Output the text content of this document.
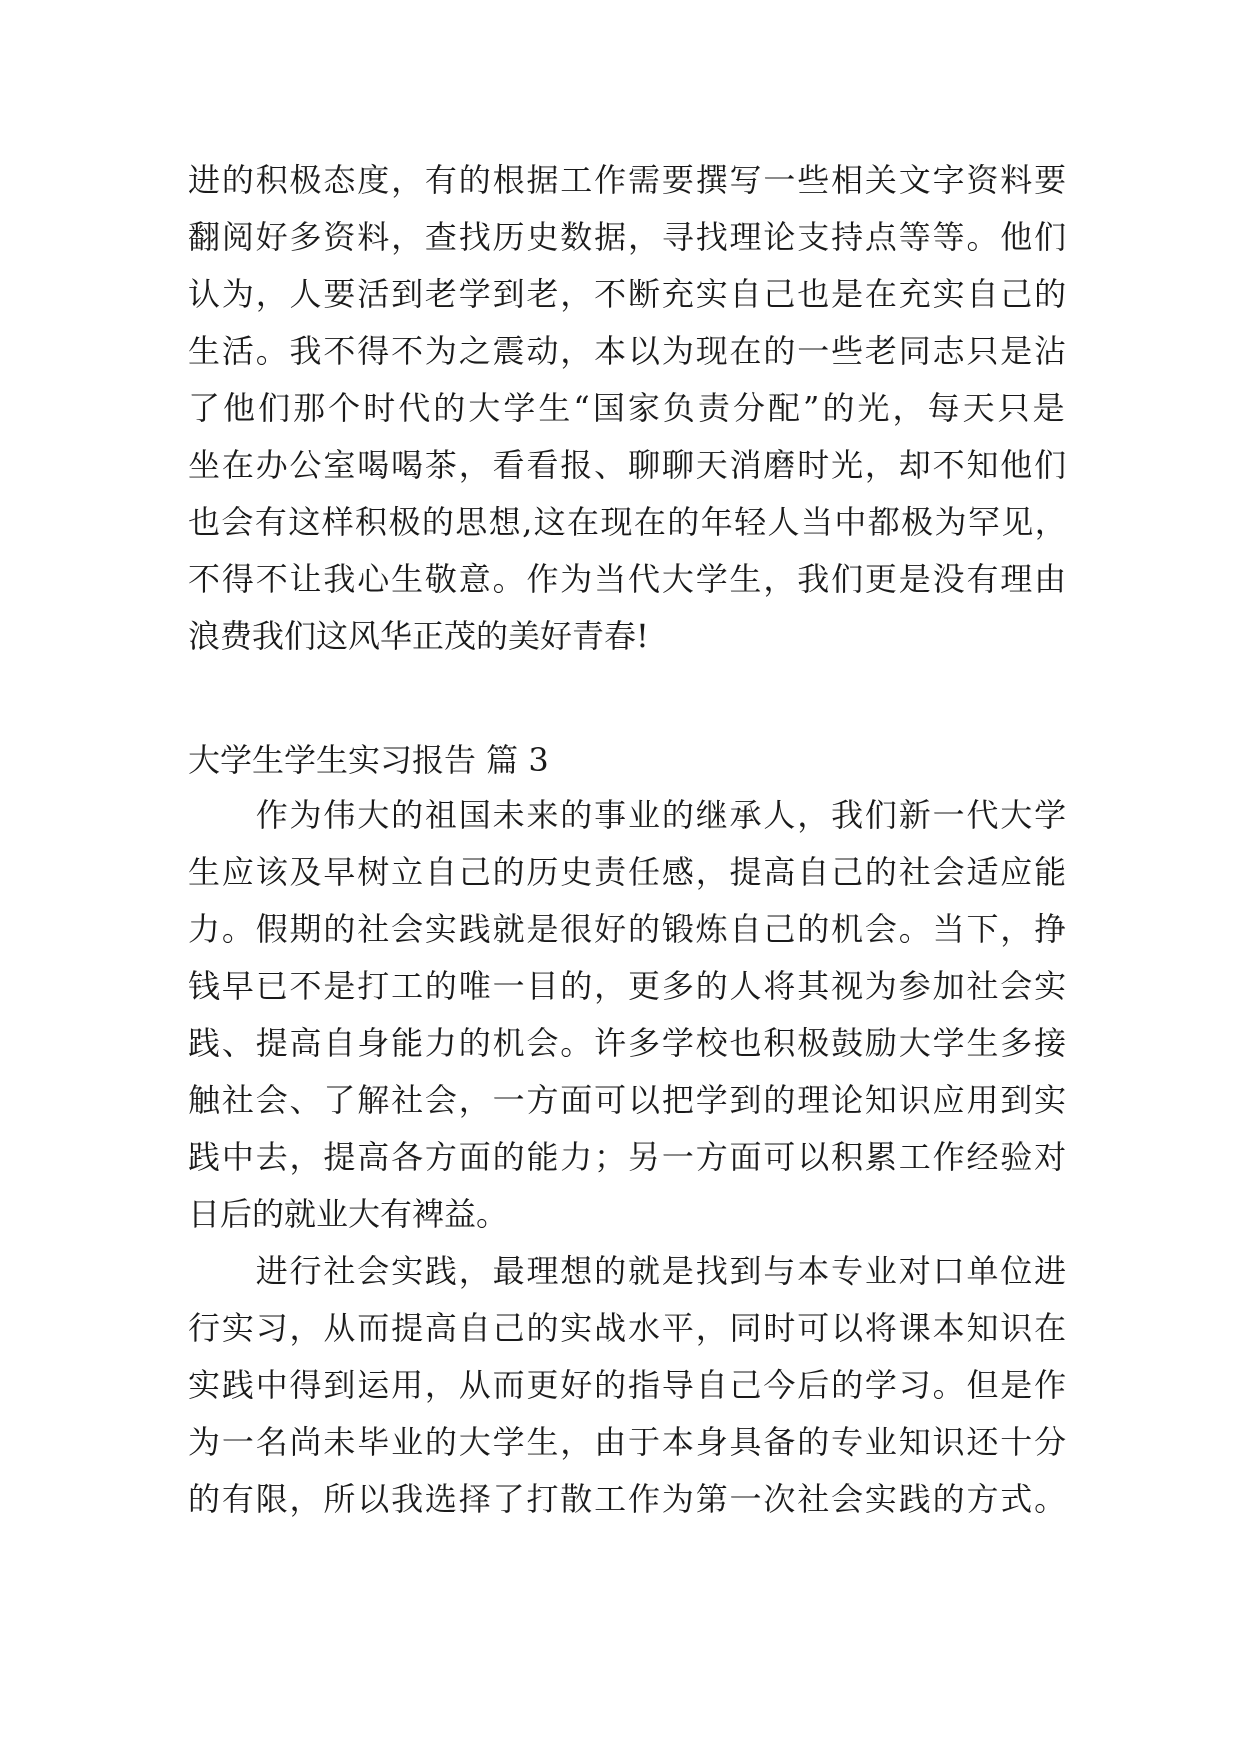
进的积极态度，有的根据工作需要撰写一些相关文字资料要
翻阅好多资料，查找历史数据，寻找理论支持点等等。他们
认为，人要活到老学到老，不断充实自己也是在充实自己的
生活。我不得不为之震动，本以为现在的一些老同志只是沾
了他们那个时代的大学生“国家负责分配”的光，每天只是
坐在办公室喝喝茶，看看报、聊聊天消磨时光，却不知他们
也会有这样积极的思想,这在现在的年轻人当中都极为罕见，
不得不让我心生敬意。作为当代大学生，我们更是没有理由
浪费我们这风华正茂的美好青春!
大学生学生实习报告 篇 3
　　作为伟大的祖国未来的事业的继承人，我们新一代大学
生应该及早树立自己的历史责任感，提高自己的社会适应能
力。假期的社会实践就是很好的锻炼自己的机会。当下，挣
钱早已不是打工的唯一目的，更多的人将其视为参加社会实
践、提高自身能力的机会。许多学校也积极鼓励大学生多接
触社会、了解社会，一方面可以把学到的理论知识应用到实
践中去，提高各方面的能力；另一方面可以积累工作经验对
日后的就业大有裨益。
　　进行社会实践，最理想的就是找到与本专业对口单位进
行实习，从而提高自己的实战水平，同时可以将课本知识在
实践中得到运用，从而更好的指导自己今后的学习。但是作
为一名尚未毕业的大学生，由于本身具备的专业知识还十分
的有限，所以我选择了打散工作为第一次社会实践的方式。
